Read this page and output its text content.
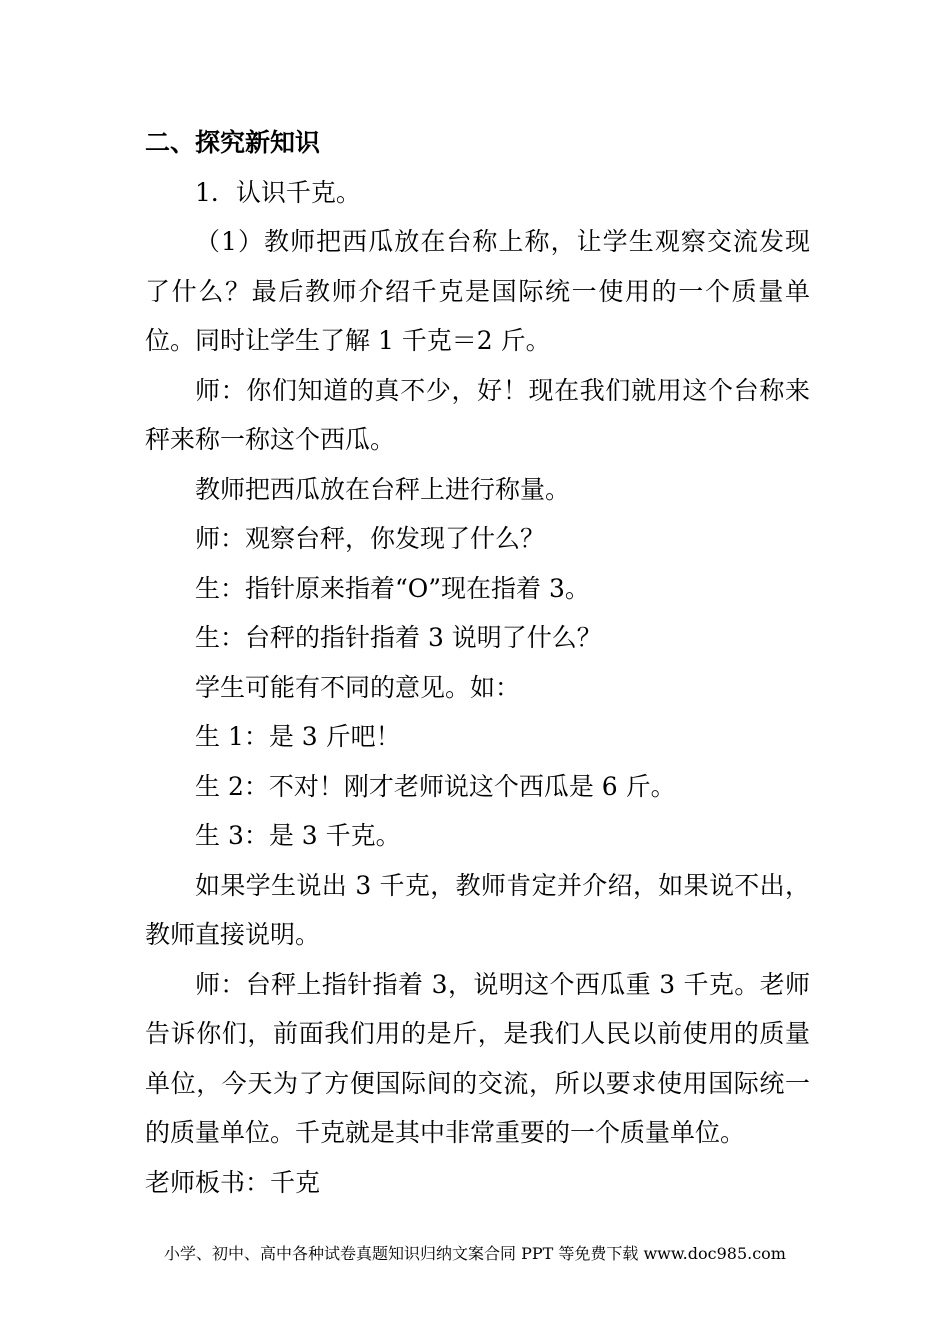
二、探究新知识

1．认识千克。

（1）教师把西瓜放在台称上称，让学生观察交流发现了什么？最后教师介绍千克是国际统一使用的一个质量单位。同时让学生了解 1 千克＝2 斤。

师：你们知道的真不少，好！现在我们就用这个台称来秤来称一称这个西瓜。

教师把西瓜放在台秤上进行称量。

师：观察台秤，你发现了什么？

生：指针原来指着“O”现在指着 3。

生：台秤的指针指着 3 说明了什么？

学生可能有不同的意见。如：

生 1：是 3 斤吧！

生 2：不对！刚才老师说这个西瓜是 6 斤。

生 3：是 3 千克。

如果学生说出 3 千克，教师肯定并介绍，如果说不出，教师直接说明。

师：台秤上指针指着 3，说明这个西瓜重 3 千克。老师告诉你们，前面我们用的是斤，是我们人民以前使用的质量单位，今天为了方便国际间的交流，所以要求使用国际统一的质量单位。千克就是其中非常重要的一个质量单位。

老师板书：千克

小学、初中、高中各种试卷真题知识归纳文案合同 PPT 等免费下载 www.doc985.com
